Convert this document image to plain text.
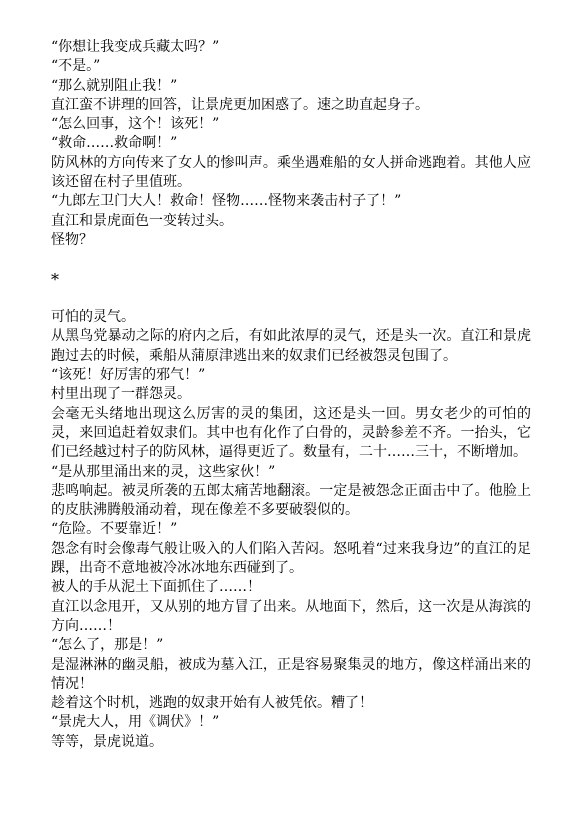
“你想让我变成兵藏太吗？”

“不是。”

“那么就别阻止我！”

直江蛮不讲理的回答，让景虎更加困惑了。速之助直起身子。

“怎么回事，这个！该死！”

“救命……救命啊！”

防风林的方向传来了女人的惨叫声。乘坐遇难船的女人拼命逃跑着。其他人应该还留在村子里值班。

“九郎左卫门大人！救命！怪物……怪物来袭击村子了！”

直江和景虎面色一变转过头。

怪物？

*

可怕的灵气。

从黑鸟党暴动之际的府内之后，有如此浓厚的灵气，还是头一次。直江和景虎跑过去的时候，乘船从蒲原津逃出来的奴隶们已经被怨灵包围了。

“该死！好厉害的邪气！”

村里出现了一群怨灵。

会毫无头绪地出现这么厉害的灵的集团，这还是头一回。男女老少的可怕的灵，来回追赶着奴隶们。其中也有化作了白骨的，灵龄参差不齐。一抬头，它们已经越过村子的防风林，逼得更近了。数量有，二十……三十，不断增加。

“是从那里涌出来的灵，这些家伙！”

悲鸣响起。被灵所袭的五郎太痛苦地翻滚。一定是被怨念正面击中了。他脸上的皮肤沸腾般涌动着，现在像差不多要破裂似的。

“危险。不要靠近！”

怨念有时会像毒气般让吸入的人们陷入苦闷。怒吼着“过来我身边”的直江的足踝，出奇不意地被冷冰冰地东西碰到了。

被人的手从泥土下面抓住了……！

直江以念甩开，又从别的地方冒了出来。从地面下，然后，这一次是从海滨的方向……！

“怎么了，那是！”

是湿淋淋的幽灵船，被成为墓入江，正是容易聚集灵的地方，像这样涌出来的情况！

趁着这个时机，逃跑的奴隶开始有人被凭依。糟了！

“景虎大人，用《调伏》！”

等等，景虎说道。
